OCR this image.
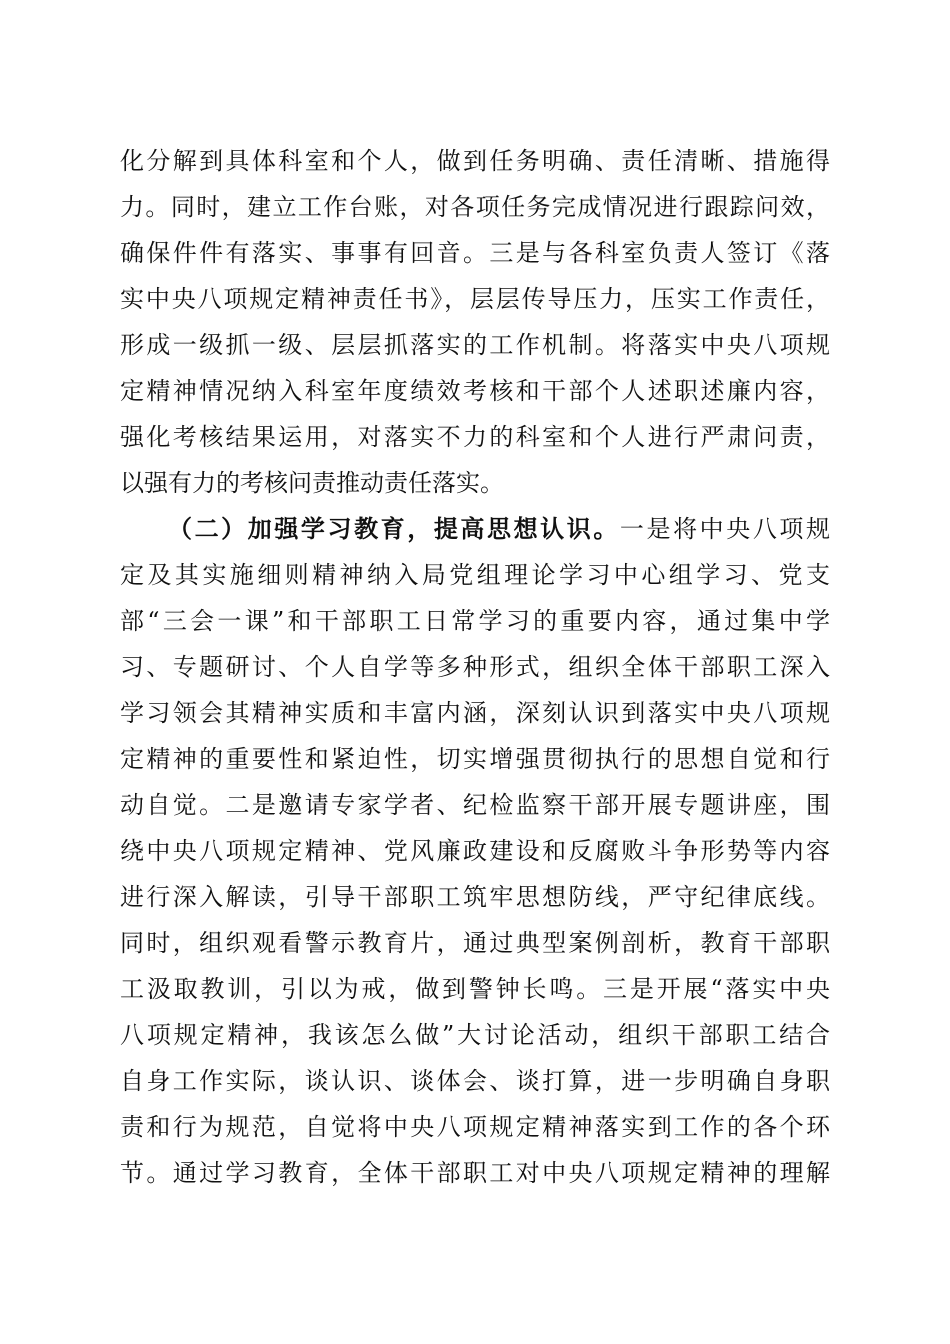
化分解到具体科室和个人，做到任务明确、责任清晰、措施得

力。同时，建立工作台账，对各项任务完成情况进行跟踪问效，

确保件件有落实、事事有回音。三是与各科室负责人签订《落

实中央八项规定精神责任书》，层层传导压力，压实工作责任，

形成一级抓一级、层层抓落实的工作机制。将落实中央八项规

定精神情况纳入科室年度绩效考核和干部个人述职述廉内容，

强化考核结果运用，对落实不力的科室和个人进行严肃问责，

以强有力的考核问责推动责任落实。

（二）加强学习教育，提高思想认识。一是将中央八项规

定及其实施细则精神纳入局党组理论学习中心组学习、党支

部“三会一课”和干部职工日常学习的重要内容，通过集中学

习、专题研讨、个人自学等多种形式，组织全体干部职工深入

学习领会其精神实质和丰富内涵，深刻认识到落实中央八项规

定精神的重要性和紧迫性，切实增强贯彻执行的思想自觉和行

动自觉。二是邀请专家学者、纪检监察干部开展专题讲座，围

绕中央八项规定精神、党风廉政建设和反腐败斗争形势等内容

进行深入解读，引导干部职工筑牢思想防线，严守纪律底线。

同时，组织观看警示教育片，通过典型案例剖析，教育干部职

工汲取教训，引以为戒，做到警钟长鸣。三是开展“落实中央

八项规定精神，我该怎么做”大讨论活动，组织干部职工结合

自身工作实际，谈认识、谈体会、谈打算，进一步明确自身职

责和行为规范，自觉将中央八项规定精神落实到工作的各个环

节。通过学习教育，全体干部职工对中央八项规定精神的理解
